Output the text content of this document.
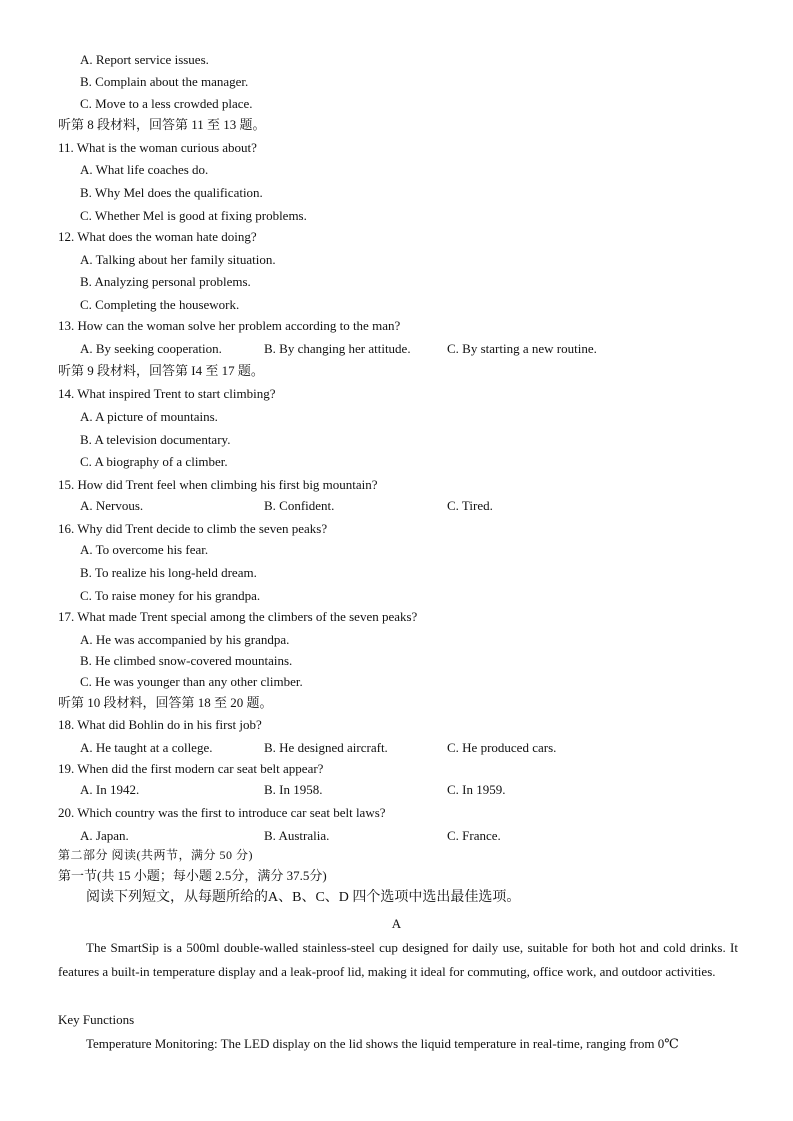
A. Report service issues.
B. Complain about the manager.
C. Move to a less crowded place.
听第 8 段材料，回答第 11 至 13 题。
11. What is the woman curious about?
A. What life coaches do.
B. Why Mel does the qualification.
C. Whether Mel is good at fixing problems.
12. What does the woman hate doing?
A. Talking about her family situation.
B. Analyzing personal problems.
C. Completing the housework.
13. How can the woman solve her problem according to the man?
A. By seeking cooperation.	B. By changing her attitude.	C. By starting a new routine.
听第 9 段材料，回答第 I4 至 17 题。
14. What inspired Trent to start climbing?
A. A picture of mountains.
B. A television documentary.
C. A biography of a climber.
15. How did Trent feel when climbing his first big mountain?
A. Nervous.	B. Confident.	C. Tired.
16. Why did Trent decide to climb the seven peaks?
A. To overcome his fear.
B. To realize his long-held dream.
C. To raise money for his grandpa.
17. What made Trent special among the climbers of the seven peaks?
A. He was accompanied by his grandpa.
B. He climbed snow-covered mountains.
C. He was younger than any other climber.
听第 10 段材料，回答第 18 至 20 题。
18. What did Bohlin do in his first job?
A. He taught at a college.	B. He designed aircraft.	C. He produced cars.
19. When did the first modern car seat belt appear?
A. In 1942.	B. In 1958.	C. In 1959.
20. Which country was the first to introduce car seat belt laws?
A. Japan.	B. Australia.	C. France.
第二部分 阅读(共两节，满分 50 分)
第一节(共 15 小题；每小题 2.5分，满分 37.5分)
阅读下列短文，从每题所给的A、B、C、D 四个选项中选出最佳选项。
A
The SmartSip is a 500ml double-walled stainless-steel cup designed for daily use, suitable for both hot and cold drinks. It features a built-in temperature display and a leak-proof lid, making it ideal for commuting, office work, and outdoor activities.
Key Functions
Temperature Monitoring: The LED display on the lid shows the liquid temperature in real-time, ranging from 0℃
